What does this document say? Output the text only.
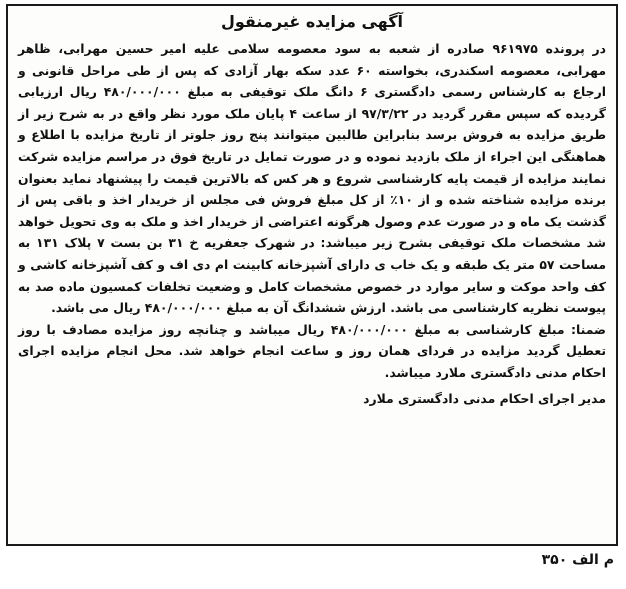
آگهی مزایده غیرمنقول

در پرونده ۹۶۱۹۷۵ صادره از شعبه به سود معصومه سلامی علیه امیر حسین مهرابی، ظاهر مهرابی، معصومه اسکندری، بخواسته ۶۰ عدد سکه بهار آزادی که پس از طی مراحل قانونی و ارجاع به کارشناس رسمی دادگستری ۶ دانگ ملک توقیفی به مبلغ ۴۸۰/۰۰۰/۰۰۰ ریال ارزیابی گردیده که سپس مقرر گردید در ۹۷/۳/۲۲ از ساعت ۴ پایان ملک مورد نظر واقع در به شرح زیر از طریق مزایده به فروش برسد بنابراین طالبین میتوانند پنج روز جلوتر از تاریخ مزایده با اطلاع و هماهنگی این اجراء از ملک بازدید نموده و در صورت تمایل در تاریخ فوق در مراسم مزایده شرکت نمایند مزایده از قیمت پایه کارشناسی شروع و هر کس که بالاترین قیمت را پیشنهاد نماید بعنوان برنده مزایده شناخته شده و از ۱۰٪ از کل مبلغ فروش فی مجلس از خریدار اخذ و باقی پس از گذشت یک ماه و در صورت عدم وصول هرگونه اعتراضی از خریدار اخذ و ملک به وی تحویل خواهد شد مشخصات ملک توقیفی بشرح زیر میباشد: در شهرک جعفریه خ ۳۱ بن بست ۷ پلاک ۱۳۱ به مساحت ۵۷ متر یک طبقه و یک خاب ی دارای آشپزخانه کابینت ام دی اف و کف آشپزخانه کاشی و کف واحد موکت و سایر موارد در خصوص مشخصات کامل و وضعیت تخلفات کمسیون ماده صد به پیوست نظریه کارشناسی می باشد. ارزش ششدانگ آن به مبلغ ۴۸۰/۰۰۰/۰۰۰ ریال می باشد.

ضمنا: مبلغ کارشناسی به مبلغ ۴۸۰/۰۰۰/۰۰۰ ریال میباشد و چنانچه روز مزایده مصادف با روز تعطیل گردید مزایده در فردای همان روز و ساعت انجام خواهد شد. محل انجام مزایده اجرای احکام مدنی دادگستری ملارد میباشد.

مدیر اجرای احکام مدنی دادگستری ملارد
م الف ۳۵۰
